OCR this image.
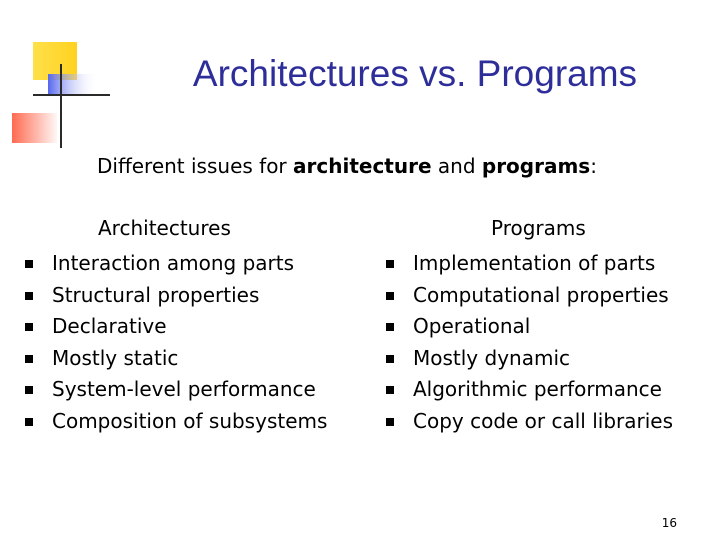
Architectures vs. Programs
Different issues for architecture and programs:
Architectures	Programs
Interaction among parts
Structural properties
Declarative
Mostly static
System-level performance
Composition of subsystems
Implementation of parts
Computational properties
Operational
Mostly dynamic
Algorithmic performance
Copy code or call libraries
16
